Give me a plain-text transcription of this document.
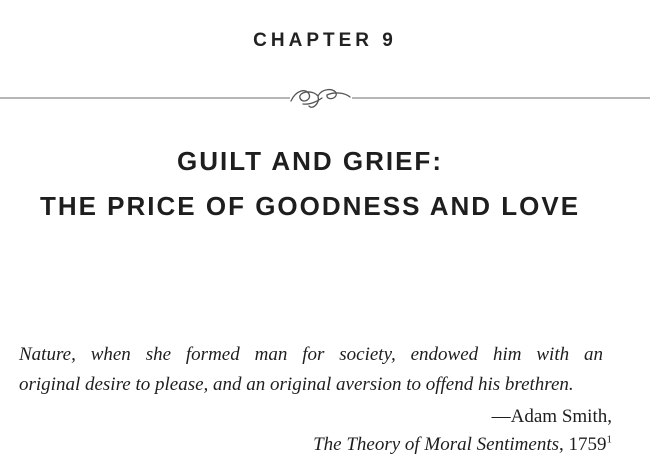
CHAPTER 9
GUILT AND GRIEF:
THE PRICE OF GOODNESS AND LOVE
Nature, when she formed man for society, endowed him with an
original desire to please, and an original aversion to offend his brethren.
—Adam Smith,
The Theory of Moral Sentiments, 1759$^1$
